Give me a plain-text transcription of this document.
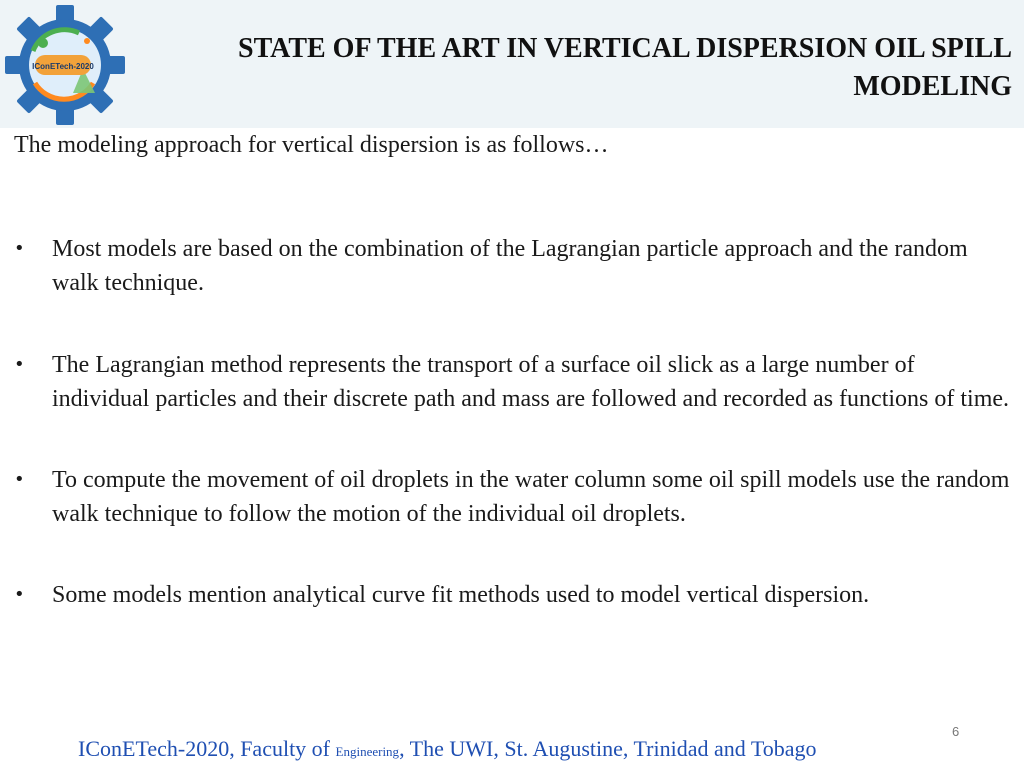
IConETech-2020
STATE OF THE ART IN VERTICAL DISPERSION OIL SPILL
MODELING

The modeling approach for vertical dispersion is as follows…

• Most models are based on the combination of the Lagrangian particle approach and the random walk technique.
• The Lagrangian method represents the transport of a surface oil slick as a large number of individual particles and their discrete path and mass are followed and recorded as functions of time.
• To compute the movement of oil droplets in the water column some oil spill models use the random walk technique to follow the motion of the individual oil droplets.
• Some models mention analytical curve fit methods used to model vertical dispersion.
IConETech-2020, Faculty of Engineering, The UWI, St. Augustine, Trinidad and Tobago
6
